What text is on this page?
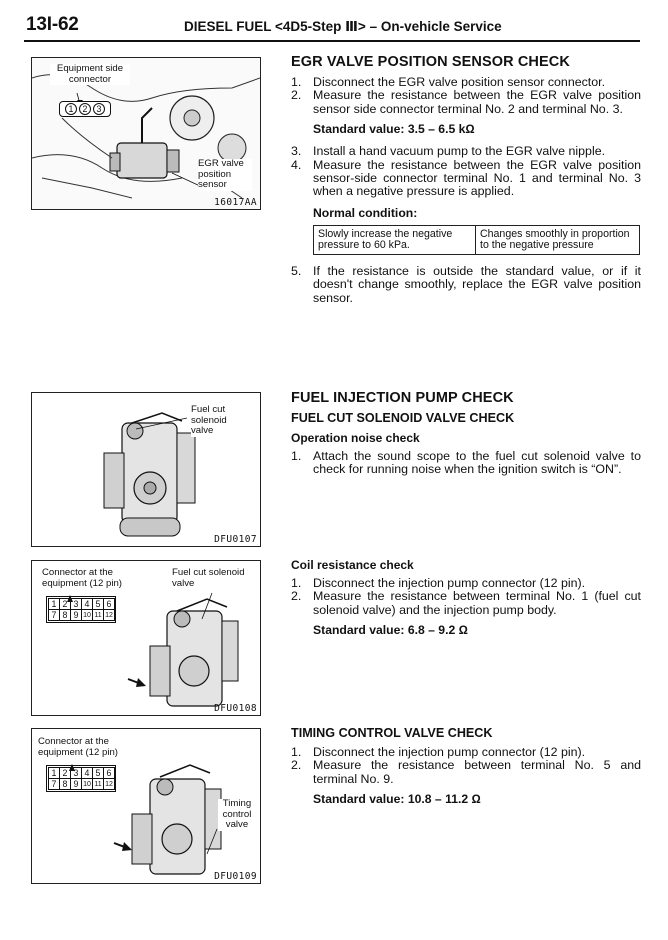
13I-62	DIESEL FUEL <4D5-Step Ⅲ> – On-vehicle Service
Equipment side connector
1	2	3
EGR valve position sensor
16017AA
Fuel cut solenoid valve
DFU0107
Connector at the equipment (12 pin)
1 2 3 4 5 6
7 8 9 10 11 12
Fuel cut solenoid valve
DFU0108
Connector at the equipment (12 pin)
1 2 3 4 5 6
7 8 9 10 11 12
Timing control valve
DFU0109
EGR VALVE POSITION SENSOR CHECK
1. Disconnect the EGR valve position sensor connector.
2. Measure the resistance between the EGR valve position sensor side connector terminal No. 2 and terminal No. 3.
Standard value: 3.5 – 6.5 kΩ
3. Install a hand vacuum pump to the EGR valve nipple.
4. Measure the resistance between the EGR valve position sensor-side connector terminal No. 1 and terminal No. 3 when a negative pressure is applied.
Normal condition:
Slowly increase the negative pressure to 60 kPa.	Changes smoothly in proportion to the negative pressure
5. If the resistance is outside the standard value, or if it doesn't change smoothly, replace the EGR valve position sensor.
FUEL INJECTION PUMP CHECK
FUEL CUT SOLENOID VALVE CHECK
Operation noise check
1. Attach the sound scope to the fuel cut solenoid valve to check for running noise when the ignition switch is “ON”.
Coil resistance check
1. Disconnect the injection pump connector (12 pin).
2. Measure the resistance between terminal No. 1 (fuel cut solenoid valve) and the injection pump body.
Standard value: 6.8 – 9.2 Ω
TIMING CONTROL VALVE CHECK
1. Disconnect the injection pump connector (12 pin).
2. Measure the resistance between terminal No. 5 and terminal No. 9.
Standard value: 10.8 – 11.2 Ω
